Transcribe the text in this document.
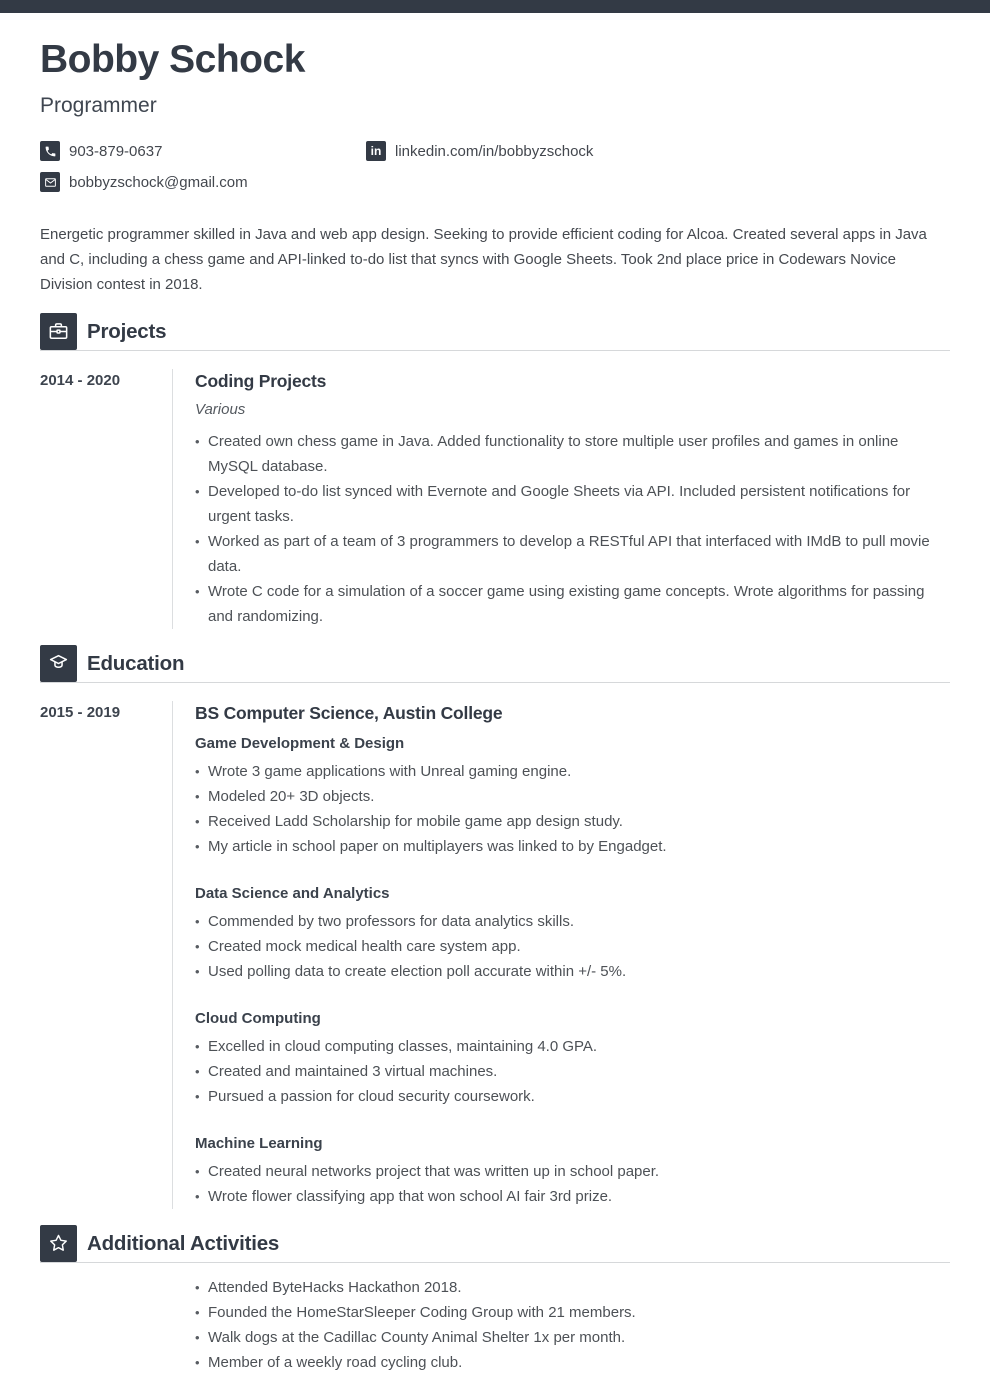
Bobby Schock
Programmer
903-879-0637	in linkedin.com/in/bobbyzschock
bobbyzschock@gmail.com

Energetic programmer skilled in Java and web app design. Seeking to provide efficient coding for Alcoa. Created several apps in Java and C, including a chess game and API-linked to-do list that syncs with Google Sheets. Took 2nd place price in Codewars Novice Division contest in 2018.

Projects
2014 - 2020	Coding Projects
Various
• Created own chess game in Java. Added functionality to store multiple user profiles and games in online MySQL database.
• Developed to-do list synced with Evernote and Google Sheets via API. Included persistent notifications for urgent tasks.
• Worked as part of a team of 3 programmers to develop a RESTful API that interfaced with IMdB to pull movie data.
• Wrote C code for a simulation of a soccer game using existing game concepts. Wrote algorithms for passing and randomizing.
Education
2015 - 2019	BS Computer Science, Austin College
Game Development & Design
• Wrote 3 game applications with Unreal gaming engine.
• Modeled 20+ 3D objects.
• Received Ladd Scholarship for mobile game app design study.
• My article in school paper on multiplayers was linked to by Engadget.
Data Science and Analytics
• Commended by two professors for data analytics skills.
• Created mock medical health care system app.
• Used polling data to create election poll accurate within +/- 5%.
Cloud Computing
• Excelled in cloud computing classes, maintaining 4.0 GPA.
• Created and maintained 3 virtual machines.
• Pursued a passion for cloud security coursework.
Machine Learning
• Created neural networks project that was written up in school paper.
• Wrote flower classifying app that won school AI fair 3rd prize.
Additional Activities
• Attended ByteHacks Hackathon 2018.
• Founded the HomeStarSleeper Coding Group with 21 members.
• Walk dogs at the Cadillac County Animal Shelter 1x per month.
• Member of a weekly road cycling club.
